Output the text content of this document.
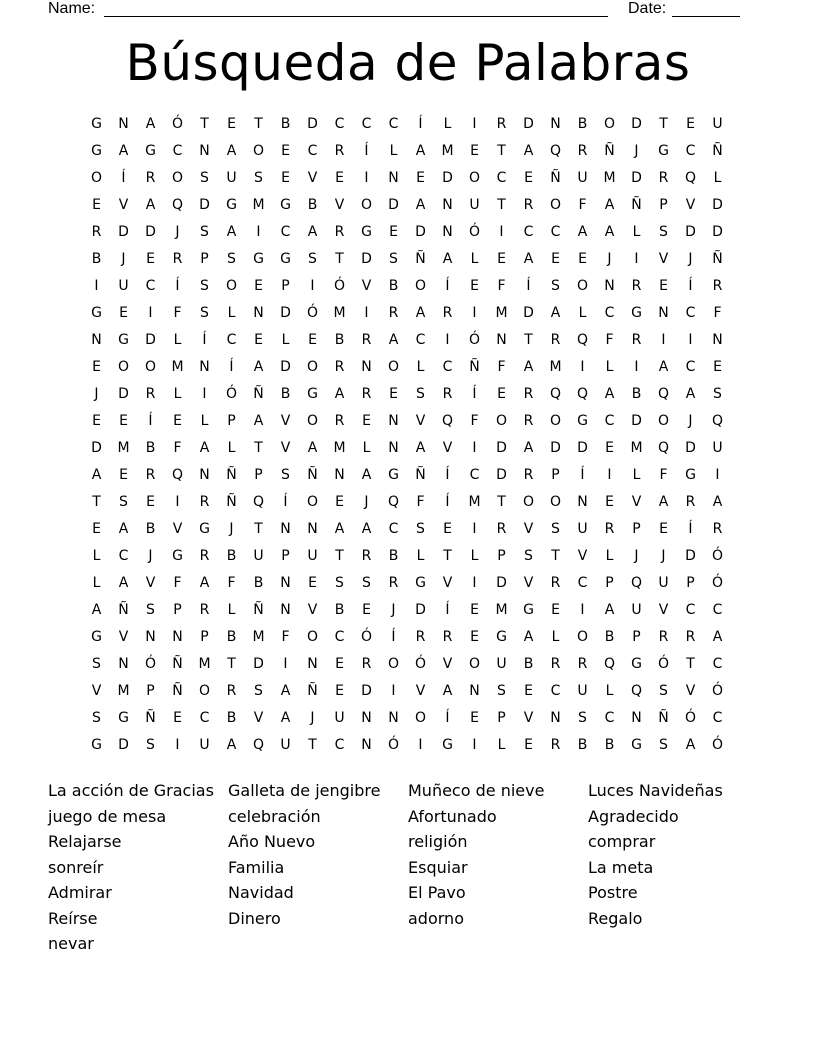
Name:	Date:
Búsqueda de Palabras
G	N	A	Ó	T	E	T	B	D	C	C	C	Í	L	I	R	D	N	B	O	D	T	E	U
G	A	G	C	N	A	O	E	C	R	Í	L	A	M	E	T	A	Q	R	Ñ	J	G	C	Ñ
O	Í	R	O	S	U	S	E	V	E	I	N	E	D	O	C	E	Ñ	U	M	D	R	Q	L
E	V	A	Q	D	G	M	G	B	V	O	D	A	N	U	T	R	O	F	A	Ñ	P	V	D
R	D	D	J	S	A	I	C	A	R	G	E	D	N	Ó	I	C	C	A	A	L	S	D	D
B	J	E	R	P	S	G	G	S	T	D	S	Ñ	A	L	E	A	E	E	J	I	V	J	Ñ
I	U	C	Í	S	O	E	P	I	Ó	V	B	O	Í	E	F	Í	S	O	N	R	E	Í	R
G	E	I	F	S	L	N	D	Ó	M	I	R	A	R	I	M	D	A	L	C	G	N	C	F
N	G	D	L	Í	C	E	L	E	B	R	A	C	I	Ó	N	T	R	Q	F	R	I	I	N
E	O	O	M	N	Í	A	D	O	R	N	O	L	C	Ñ	F	A	M	I	L	I	A	C	E
J	D	R	L	I	Ó	Ñ	B	G	A	R	E	S	R	Í	E	R	Q	Q	A	B	Q	A	S
E	E	Í	E	L	P	A	V	O	R	E	N	V	Q	F	O	R	O	G	C	D	O	J	Q
D	M	B	F	A	L	T	V	A	M	L	N	A	V	I	D	A	D	D	E	M	Q	D	U
A	E	R	Q	N	Ñ	P	S	Ñ	N	A	G	Ñ	Í	C	D	R	P	Í	I	L	F	G	I
T	S	E	I	R	Ñ	Q	Í	O	E	J	Q	F	Í	M	T	O	O	N	E	V	A	R	A
E	A	B	V	G	J	T	N	N	A	A	C	S	E	I	R	V	S	U	R	P	E	Í	R
L	C	J	G	R	B	U	P	U	T	R	B	L	T	L	P	S	T	V	L	J	J	D	Ó
L	A	V	F	A	F	B	N	E	S	S	R	G	V	I	D	V	R	C	P	Q	U	P	Ó
A	Ñ	S	P	R	L	Ñ	N	V	B	E	J	D	Í	E	M	G	E	I	A	U	V	C	C
G	V	N	N	P	B	M	F	O	C	Ó	Í	R	R	E	G	A	L	O	B	P	R	R	A
S	N	Ó	Ñ	M	T	D	I	N	E	R	O	Ó	V	O	U	B	R	R	Q	G	Ó	T	C
V	M	P	Ñ	O	R	S	A	Ñ	E	D	I	V	A	N	S	E	C	U	L	Q	S	V	Ó
S	G	Ñ	E	C	B	V	A	J	U	N	N	O	Í	E	P	V	N	S	C	N	Ñ	Ó	C
G	D	S	I	U	A	Q	U	T	C	N	Ó	I	G	I	L	E	R	B	B	G	S	A	Ó
La acción de Gracias
juego de mesa
Relajarse
sonreír
Admirar
Reírse
nevar
Galleta de jengibre
celebración
Año Nuevo
Familia
Navidad
Dinero
Muñeco de nieve
Afortunado
religión
Esquiar
El Pavo
adorno
Luces Navideñas
Agradecido
comprar
La meta
Postre
Regalo
